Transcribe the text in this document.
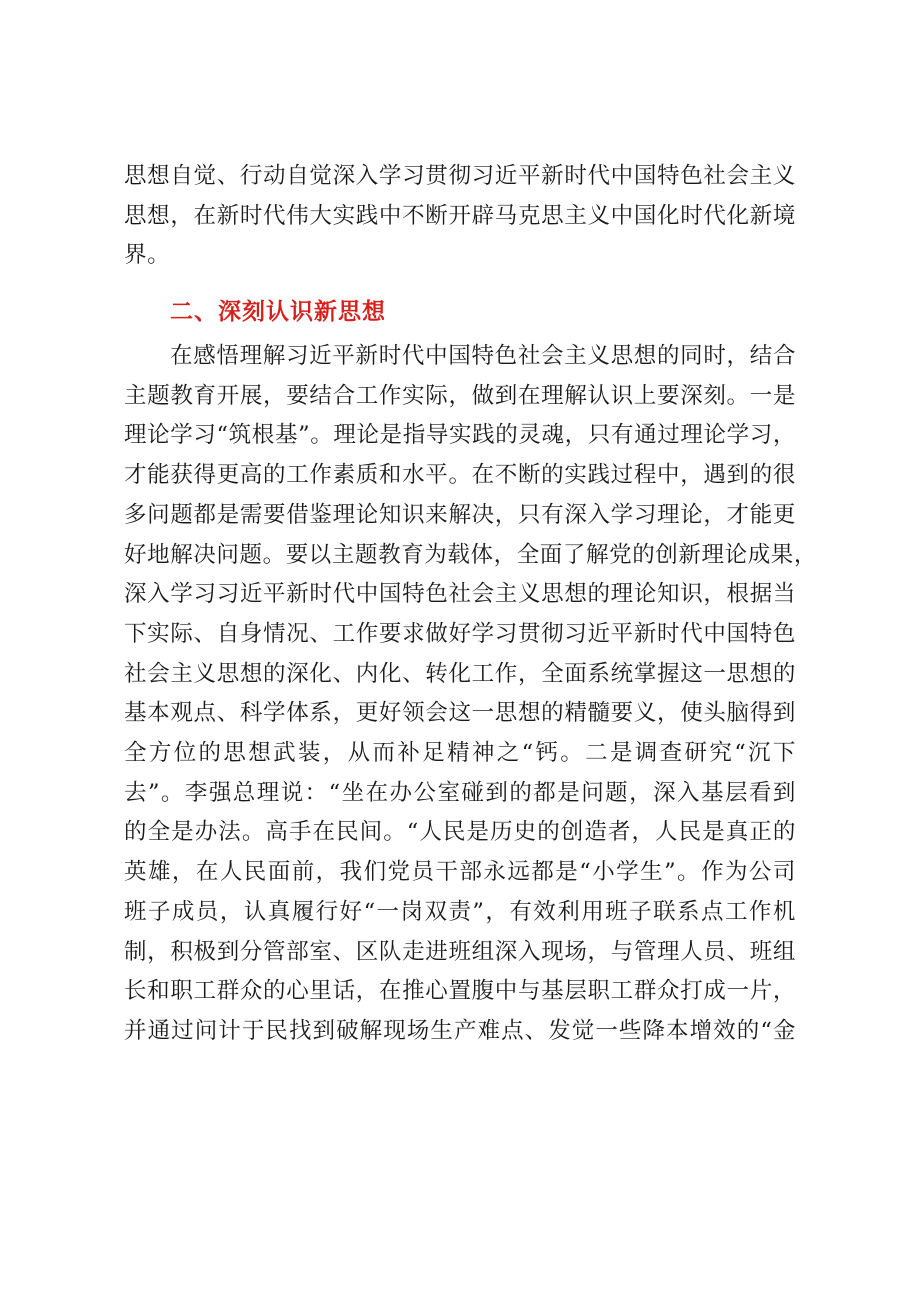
思想自觉、行动自觉深入学习贯彻习近平新时代中国特色社会主义
思想，在新时代伟大实践中不断开辟马克思主义中国化时代化新境
界。
二、深刻认识新思想
在感悟理解习近平新时代中国特色社会主义思想的同时，结合
主题教育开展，要结合工作实际，做到在理解认识上要深刻。一是
理论学习“筑根基”。理论是指导实践的灵魂，只有通过理论学习，
才能获得更高的工作素质和水平。在不断的实践过程中，遇到的很
多问题都是需要借鉴理论知识来解决，只有深入学习理论，才能更
好地解决问题。要以主题教育为载体，全面了解党的创新理论成果，
深入学习习近平新时代中国特色社会主义思想的理论知识，根据当
下实际、自身情况、工作要求做好学习贯彻习近平新时代中国特色
社会主义思想的深化、内化、转化工作，全面系统掌握这一思想的
基本观点、科学体系，更好领会这一思想的精髓要义，使头脑得到
全方位的思想武装，从而补足精神之“钙。二是调查研究“沉下
去”。李强总理说：“坐在办公室碰到的都是问题，深入基层看到
的全是办法。高手在民间。“人民是历史的创造者，人民是真正的
英雄，在人民面前，我们党员干部永远都是“小学生”。作为公司
班子成员，认真履行好“一岗双责”，有效利用班子联系点工作机
制，积极到分管部室、区队走进班组深入现场，与管理人员、班组
长和职工群众的心里话，在推心置腹中与基层职工群众打成一片，
并通过问计于民找到破解现场生产难点、发觉一些降本增效的“金
